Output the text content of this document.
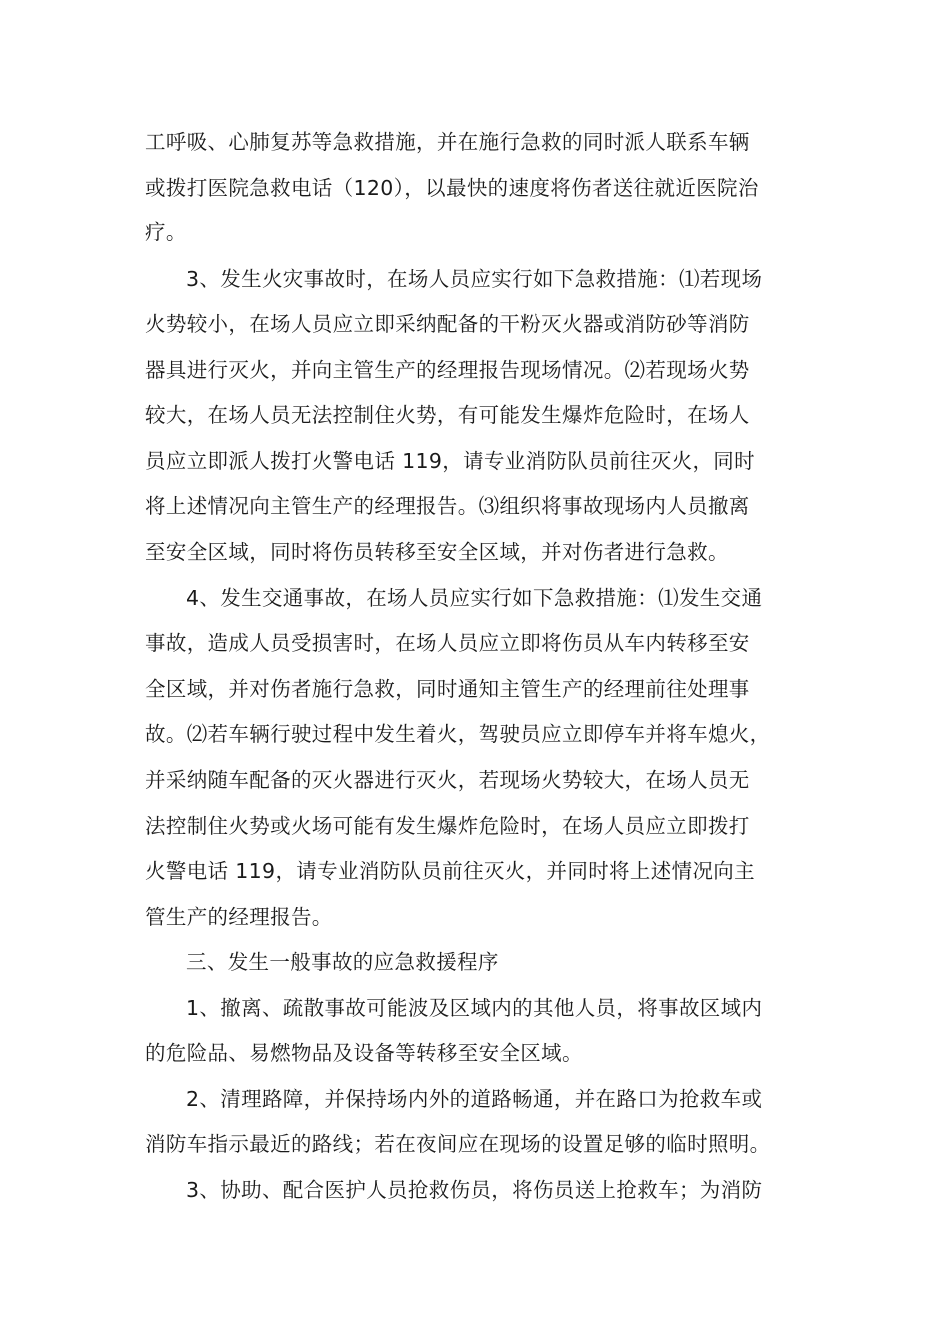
工呼吸、心肺复苏等急救措施，并在施行急救的同时派人联系车辆
或拨打医院急救电话（120），以最快的速度将伤者送往就近医院治
疗。
3、发生火灾事故时，在场人员应实行如下急救措施：⑴若现场
火势较小，在场人员应立即采纳配备的干粉灭火器或消防砂等消防
器具进行灭火，并向主管生产的经理报告现场情况。⑵若现场火势
较大，在场人员无法控制住火势，有可能发生爆炸危险时，在场人
员应立即派人拨打火警电话 119，请专业消防队员前往灭火，同时
将上述情况向主管生产的经理报告。⑶组织将事故现场内人员撤离
至安全区域，同时将伤员转移至安全区域，并对伤者进行急救。
4、发生交通事故，在场人员应实行如下急救措施：⑴发生交通
事故，造成人员受损害时，在场人员应立即将伤员从车内转移至安
全区域，并对伤者施行急救，同时通知主管生产的经理前往处理事
故。⑵若车辆行驶过程中发生着火，驾驶员应立即停车并将车熄火，
并采纳随车配备的灭火器进行灭火，若现场火势较大，在场人员无
法控制住火势或火场可能有发生爆炸危险时，在场人员应立即拨打
火警电话 119，请专业消防队员前往灭火，并同时将上述情况向主
管生产的经理报告。
三、发生一般事故的应急救援程序
1、撤离、疏散事故可能波及区域内的其他人员，将事故区域内
的危险品、易燃物品及设备等转移至安全区域。
2、清理路障，并保持场内外的道路畅通，并在路口为抢救车或
消防车指示最近的路线；若在夜间应在现场的设置足够的临时照明。
3、协助、配合医护人员抢救伤员，将伤员送上抢救车；为消防
